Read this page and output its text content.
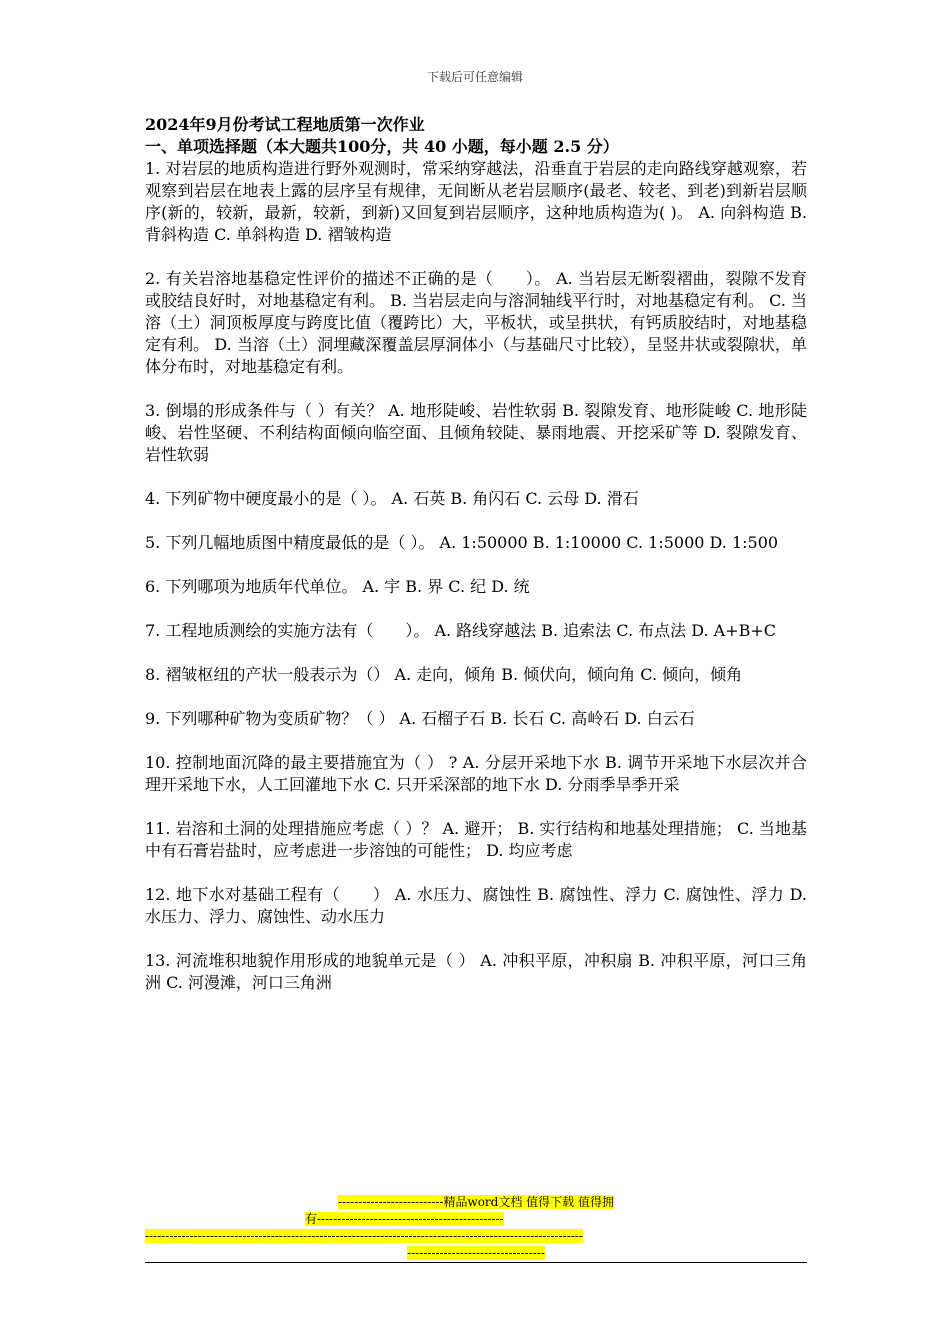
下载后可任意编辑

2024年9月份考试工程地质第一次作业

一、单项选择题（本大题共100分，共 40 小题，每小题 2.5 分）

1. 对岩层的地质构造进行野外观测时，常采纳穿越法，沿垂直于岩层的走向路线穿越观察，若观察到岩层在地表上露的层序呈有规律，无间断从老岩层顺序(最老、较老、到老)到新岩层顺序(新的，较新，最新，较新，到新)又回复到岩层顺序，这种地质构造为( )。 A. 向斜构造 B. 背斜构造 C. 单斜构造 D. 褶皱构造

2. 有关岩溶地基稳定性评价的描述不正确的是（　　）。 A. 当岩层无断裂褶曲，裂隙不发育或胶结良好时，对地基稳定有利。 B. 当岩层走向与溶洞轴线平行时，对地基稳定有利。 C. 当溶（土）洞顶板厚度与跨度比值（覆跨比）大，平板状，或呈拱状，有钙质胶结时，对地基稳定有利。 D. 当溶（土）洞埋藏深覆盖层厚洞体小（与基础尺寸比较），呈竖井状或裂隙状，单体分布时，对地基稳定有利。

3. 倒塌的形成条件与（ ）有关？ A. 地形陡峻、岩性软弱 B. 裂隙发育、地形陡峻 C. 地形陡峻、岩性坚硬、不利结构面倾向临空面、且倾角较陡、暴雨地震、开挖采矿等 D. 裂隙发育、岩性软弱

4. 下列矿物中硬度最小的是（ ）。 A. 石英 B. 角闪石 C. 云母 D. 滑石

5. 下列几幅地质图中精度最低的是（ ）。 A. 1:50000 B. 1:10000 C. 1:5000 D. 1:500

6. 下列哪项为地质年代单位。 A. 宇 B. 界 C. 纪 D. 统

7. 工程地质测绘的实施方法有（　　）。 A. 路线穿越法 B. 追索法 C. 布点法 D. A+B+C

8. 褶皱枢纽的产状一般表示为（） A. 走向，倾角 B. 倾伏向，倾向角 C. 倾向，倾角

9. 下列哪种矿物为变质矿物？（ ） A. 石榴子石 B. 长石 C. 高岭石 D. 白云石

10. 控制地面沉降的最主要措施宜为（ ） ? A. 分层开采地下水 B. 调节开采地下水层次并合理开采地下水，人工回灌地下水 C. 只开采深部的地下水 D. 分雨季旱季开采

11. 岩溶和土洞的处理措施应考虑（ ）？ A. 避开； B. 实行结构和地基处理措施； C. 当地基中有石膏岩盐时，应考虑进一步溶蚀的可能性； D. 均应考虑

12. 地下水对基础工程有（　　） A. 水压力、腐蚀性 B. 腐蚀性、浮力 C. 腐蚀性、浮力 D. 水压力、浮力、腐蚀性、动水压力

13. 河流堆积地貌作用形成的地貌单元是（ ） A. 冲积平原，冲积扇 B. 冲积平原，河口三角洲 C. 河漫滩，河口三角洲

--------------------------精品word文档 值得下载 值得拥
有----------------------------------------------
------------------------------------------------------------------------------------------------------------
----------------------------------
